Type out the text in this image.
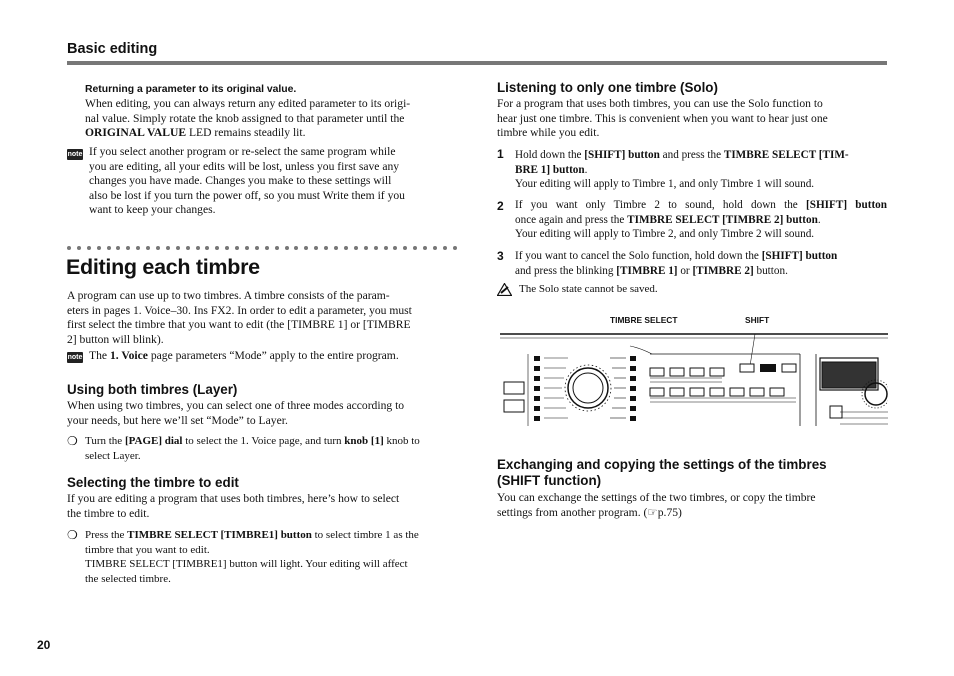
Basic editing
Returning a parameter to its original value.
When editing, you can always return any edited parameter to its origi-
nal value. Simply rotate the knob assigned to that parameter until the
ORIGINAL VALUE LED remains steadily lit.
note If you select another program or re-select the same program while
you are editing, all your edits will be lost, unless you first save any
changes you have made. Changes you make to these settings will
also be lost if you turn the power off, so you must Write them if you
want to keep your changes.
Editing each timbre
A program can use up to two timbres. A timbre consists of the param-
eters in pages 1. Voice–30. Ins FX2. In order to edit a parameter, you must
first select the timbre that you want to edit (the [TIMBRE 1] or [TIMBRE
2] button will blink).
note The 1. Voice page parameters “Mode” apply to the entire program.
Using both timbres (Layer)
When using two timbres, you can select one of three modes according to
your needs, but here we’ll set “Mode” to Layer.
❍ Turn the [PAGE] dial to select the 1. Voice page, and turn knob [1] knob to
select Layer.
Selecting the timbre to edit
If you are editing a program that uses both timbres, here’s how to select
the timbre to edit.
❍ Press the TIMBRE SELECT [TIMBRE1] button to select timbre 1 as the
timbre that you want to edit.
TIMBRE SELECT [TIMBRE1] button will light. Your editing will affect
the selected timbre.
20
Listening to only one timbre (Solo)
For a program that uses both timbres, you can use the Solo function to
hear just one timbre. This is convenient when you want to hear just one
timbre while you edit.
1 Hold down the [SHIFT] button and press the TIMBRE SELECT [TIM-
BRE 1] button.
Your editing will apply to Timbre 1, and only Timbre 1 will sound.
2 If you want only Timbre 2 to sound, hold down the [SHIFT] button
once again and press the TIMBRE SELECT [TIMBRE 2] button.
Your editing will apply to Timbre 2, and only Timbre 2 will sound.
3 If you want to cancel the Solo function, hold down the [SHIFT] button
and press the blinking [TIMBRE 1] or [TIMBRE 2] button.
The Solo state cannot be saved.
TIMBRE SELECT	SHIFT
Exchanging and copying the settings of the timbres
(SHIFT function)
You can exchange the settings of the two timbres, or copy the timbre
settings from another program. (☞p.75)
